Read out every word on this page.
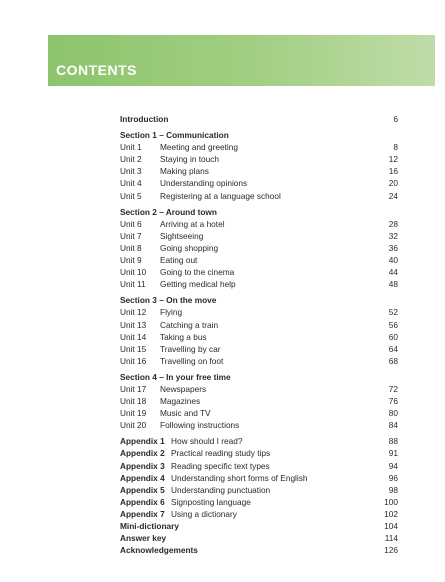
CONTENTS
Introduction	6
Section 1 – Communication
Unit 1 Meeting and greeting	8
Unit 2 Staying in touch	12
Unit 3 Making plans	16
Unit 4 Understanding opinions	20
Unit 5 Registering at a language school	24
Section 2 – Around town
Unit 6 Arriving at a hotel	28
Unit 7 Sightseeing	32
Unit 8 Going shopping	36
Unit 9 Eating out	40
Unit 10 Going to the cinema	44
Unit 11 Getting medical help	48
Section 3 – On the move
Unit 12 Flying	52
Unit 13 Catching a train	56
Unit 14 Taking a bus	60
Unit 15 Travelling by car	64
Unit 16 Travelling on foot	68
Section 4 – In your free time
Unit 17 Newspapers	72
Unit 18 Magazines	76
Unit 19 Music and TV	80
Unit 20 Following instructions	84
Appendix 1 How should I read?	88
Appendix 2 Practical reading study tips	91
Appendix 3 Reading specific text types	94
Appendix 4 Understanding short forms of English	96
Appendix 5 Understanding punctuation	98
Appendix 6 Signposting language	100
Appendix 7 Using a dictionary	102
Mini-dictionary	104
Answer key	114
Acknowledgements	126
